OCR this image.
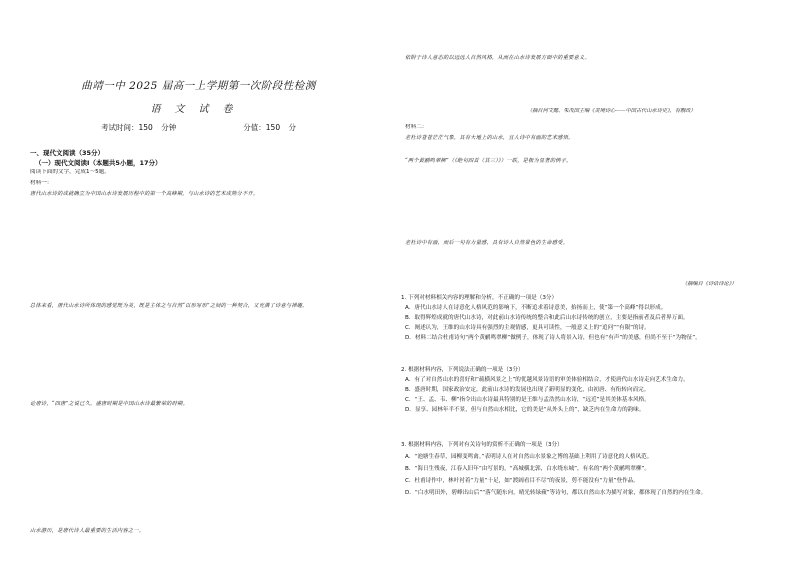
曲靖一中 2025 届高一上学期第一次阶段性检测
语文试卷
考试时间：150 分钟	分值：150 分
一、现代文阅读（35分）
（一）现代文阅读Ⅰ（本题共5小题，17分）
阅读下面的文字，完成1～5题。
材料一：
唐代山水诗的成就确立为中国山水诗发展历程中的第一个高峰期，与山水诗的艺术成熟分不开。
总体来看，唐代山水诗所体现的感觉既为美，既是主体之与自然“以形写形”之间的一种契合，又充满了诗意与禅趣。
论唐诗，“四唐”之说已久。盛唐时期是中国山水诗最繁荣的时期。
山水游历，是唐代诗人最重要的生活内容之一。
依附于诗人意态的以远远人自然风格，从而在山水诗发展方面中的重要意义。
（摘自何文懿、朱茂国主编《灵境诗心——中国古代山水诗史》，有删改）
材料二：
老杜诗苍苍茫茫气象，具有大地上的山水，宜人诗中有画的艺术感悟。
“两个黄鹂鸣翠柳”（《绝句四首（其三）》）一联，是极为显著的例子。
老杜诗中有画，而后一句有力量感，具有诗人自然景色的生命感受。
（摘编自《诗话诗论》）
1. 下列对材料相关内容的理解和分析，不正确的一项是（3分）
A．唐代山水诗人在诗意化人格风范的影响下，不断追求着诗意美，抬扬而上，使“第一个高峰”得以形成。
B．取得辉煌成就的唐代山水诗，对此前山水诗传统的整合和此后山水诗传统的创立，主要是指前者及后者界万面。
C．阐述认为，王维的山水诗具有强烈的主观情感，更具可读性，一般意义上的“追问”“有限”的诗。
D．材料二结合杜甫诗句“两个黄鹂鸣翠柳”做例子，体现了诗人将景入诗，但也有“有声”的美感，但尚不至于“为物征”。
2. 根据材料内容，下列说法正确的一项是（3分）
A．有了对自然山水的喜好和“疏横风景之上”的优越风景诗语的审美体验相结合，才使唐代山水诗走向艺术生命力。
B．盛唐时期，国家政治安定，此前山水诗的发展也出现了新明显的变化，由初唐、有衔转向而完。
C．“王、孟、韦、柳”指令出山水诗最具特别的是王维与孟浩然山水诗，“远近”是其美体基本风格。
D．显享、园林年半不景，但与自然山水相比，它的美是“从外头上的”，缺乏内在生命力的韵味。
3. 根据材料内容，下列对有关诗句的赏析不正确的一项是（3分）
A．“池塘生春草，园柳变鸣禽。”表明诗人在对自然山水景象之博的基础上利用了诗意化的人格风范。
B．“海日生残夜，江春入旧年”由写景的，“高城横北郭，白水绕东城”，有名的“两个黄鹂鸣翠柳”。
C．杜甫诗作中，林叶衬着“力量”十足，如“渡阔看目不尽”的夜景，剪不能没有“力量”登作品。
D．“白水明田外，碧峰出山后”“落气随东向，晴光转绿蘋”等诗句，都以自然山水为描写对象，都体现了自然的内在生命。
